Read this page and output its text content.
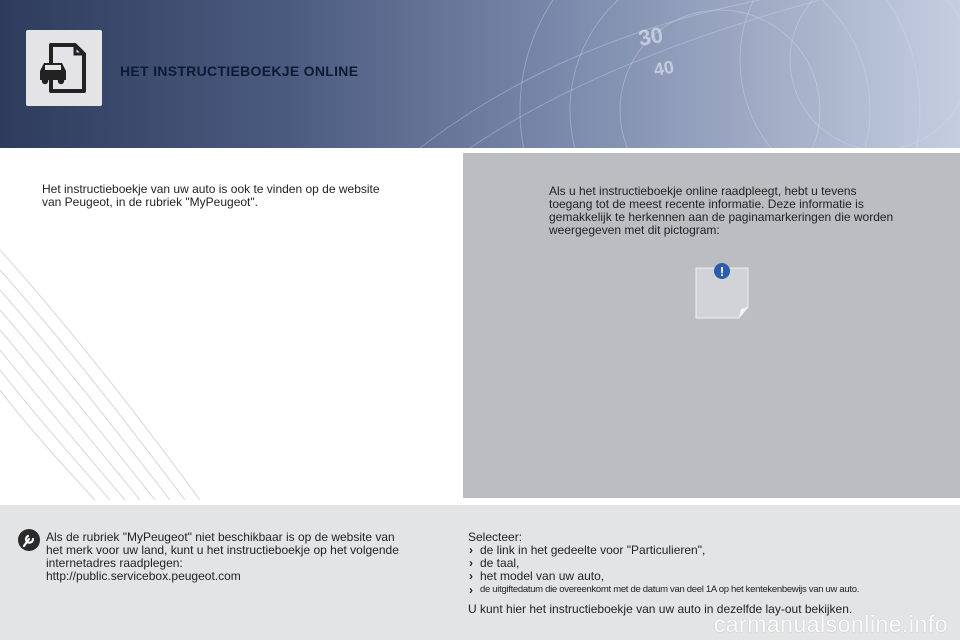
30
40
HET INSTRUCTIEBOEKJE ONLINE
Het instructieboekje van uw auto is ook te vinden op de website
van Peugeot, in de rubriek "MyPeugeot".
Als u het instructieboekje online raadpleegt, hebt u tevens
toegang tot de meest recente informatie. Deze informatie is
gemakkelijk te herkennen aan de paginamarkeringen die worden
weergegeven met dit pictogram:
!
Als de rubriek "MyPeugeot" niet beschikbaar is op de website van
het merk voor uw land, kunt u het instructieboekje op het volgende
internetadres raadplegen:
http://public.servicebox.peugeot.com
Selecteer:
› de link in het gedeelte voor "Particulieren",
› de taal,
› het model van uw auto,
› de uitgiftedatum die overeenkomt met de datum van deel 1A op het kentekenbewijs van uw auto.
U kunt hier het instructieboekje van uw auto in dezelfde lay-out bekijken.
carmanualsonline.info
